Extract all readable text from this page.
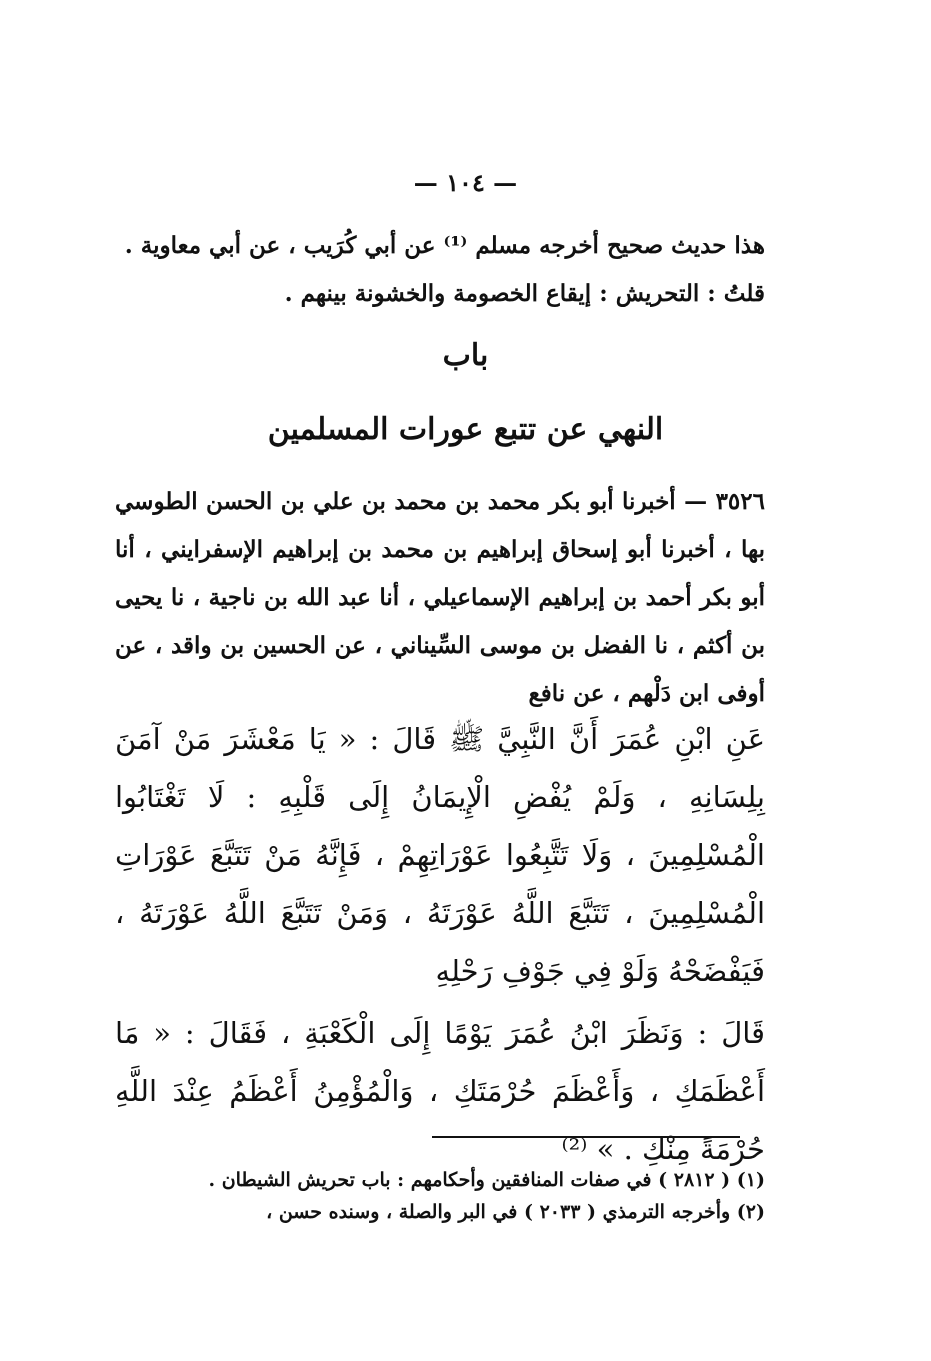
— ١٠٤ —
هذا حديث صحيح أخرجه مسلم ⁽¹⁾ عن أبي كُرَيب ، عن أبي معاوية .
قلتُ : التحريش : إيقاع الخصومة والخشونة بينهم .
باب
النهي عن تتبع عورات المسلمين
٣٥٢٦ — أخبرنا أبو بكر محمد بن محمد بن علي بن الحسن الطوسي بها ، أخبرنا أبو إسحاق إبراهيم بن محمد بن إبراهيم الإسفرايني ، أنا أبو بكر أحمد بن إبراهيم الإسماعيلي ، أنا عبد الله بن ناجية ، نا يحيى بن أكثم ، نا الفضل بن موسى السِّيناني ، عن الحسين بن واقد ، عن أوفى ابن دَلْهم ، عن نافع
عَنِ ابْنِ عُمَرَ أَنَّ النَّبِيَّ ﷺ قَالَ : « يَا مَعْشَرَ مَنْ آمَنَ بِلِسَانِهِ ، وَلَمْ يُفْضِ الْإِيمَانُ إِلَى قَلْبِهِ : لَا تَغْتَابُوا الْمُسْلِمِينَ ، وَلَا تَتَّبِعُوا عَوْرَاتِهِمْ ، فَإِنَّهُ مَنْ تَتَبَّعَ عَوْرَاتِ الْمُسْلِمِينَ ، تَتَبَّعَ اللَّهُ عَوْرَتَهُ ، وَمَنْ تَتَبَّعَ اللَّهُ عَوْرَتَهُ ، فَيَفْضَحْهُ وَلَوْ فِي جَوْفِ رَحْلِهِ
قَالَ : وَنَظَرَ ابْنُ عُمَرَ يَوْمًا إِلَى الْكَعْبَةِ ، فَقَالَ : « مَا أَعْظَمَكِ ، وَأَعْظَمَ حُرْمَتَكِ ، وَالْمُؤْمِنُ أَعْظَمُ عِنْدَ اللَّهِ حُرْمَةً مِنْكِ . » ⁽²⁾
(١) ( ٢٨١٢ ) في صفات المنافقين وأحكامهم : باب تحريش الشيطان .
(٢) وأخرجه الترمذي ( ٢٠٣٣ ) في البر والصلة ، وسنده حسن ،
